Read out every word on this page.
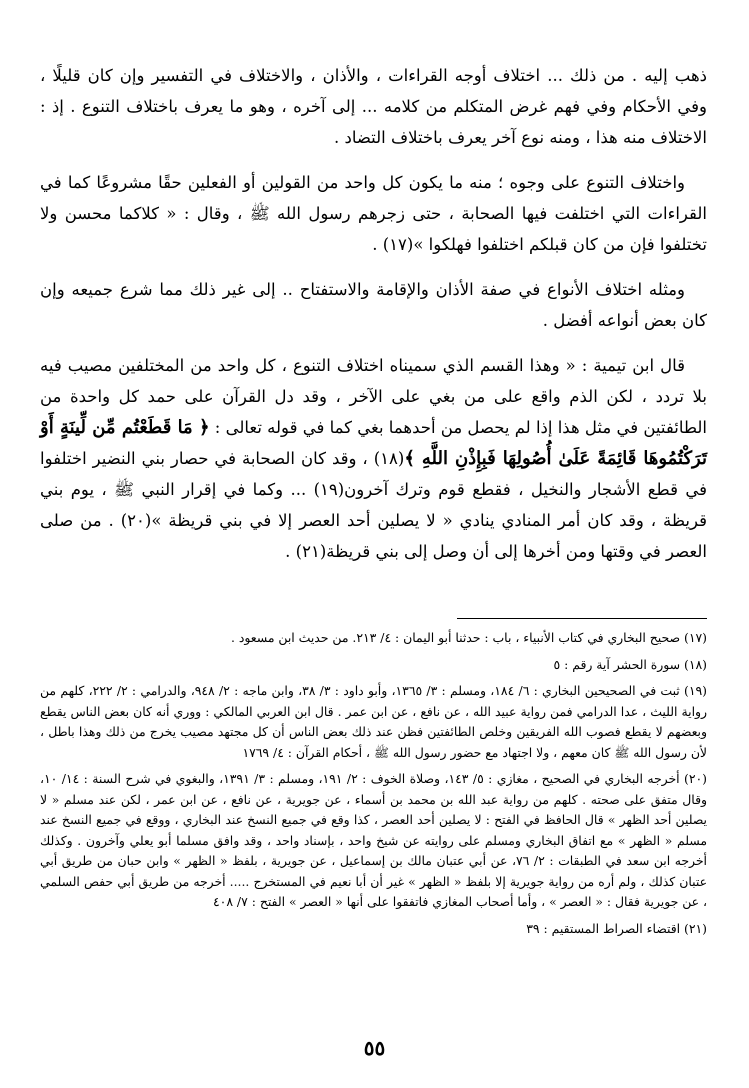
ذهب إليه . من ذلك ... اختلاف أوجه القراءات ، والأذان ، والاختلاف في التفسير وإن كان قليلًا ، وفي الأحكام وفي فهم غرض المتكلم من كلامه ... إلى آخره ، وهو ما يعرف باختلاف التنوع . إذ : الاختلاف منه هذا ، ومنه نوع آخر يعرف باختلاف التضاد .

واختلاف التنوع على وجوه ؛ منه ما يكون كل واحد من القولين أو الفعلين حقًا مشروعًا كما في القراءات التي اختلفت فيها الصحابة ، حتى زجرهم رسول الله ﷺ ، وقال : « كلاكما محسن ولا تختلفوا فإن من كان قبلكم اختلفوا فهلكوا »(١٧) .

ومثله اختلاف الأنواع في صفة الأذان والإقامة والاستفتاح .. إلى غير ذلك مما شرع جميعه وإن كان بعض أنواعه أفضل .

قال ابن تيمية : « وهذا القسم الذي سميناه اختلاف التنوع ، كل واحد من المختلفين مصيب فيه بلا تردد ، لكن الذم واقع على من بغي على الآخر ، وقد دل القرآن على حمد كل واحدة من الطائفتين في مثل هذا إذا لم يحصل من أحدهما بغي كما في قوله تعالى : ﴿ مَا قَطَعْتُم مِّن لِّينَةٍ أَوْ تَرَكْتُمُوهَا قَائِمَةً عَلَىٰ أُصُولِهَا فَبِإِذْنِ اللَّهِ ﴾(١٨) ، وقد كان الصحابة في حصار بني النضير اختلفوا في قطع الأشجار والنخيل ، فقطع قوم وترك آخرون(١٩) ... وكما في إقرار النبي ﷺ ، يوم بني قريظة ، وقد كان أمر المنادي ينادي « لا يصلين أحد العصر إلا في بني قريظة »(٢٠) . من صلى العصر في وقتها ومن أخرها إلى أن وصل إلى بني قريظة(٢١) .

(١٧) صحيح البخاري في كتاب الأنبياء ، باب : حدثنا أبو اليمان : ٤/ ٢١٣. من حديث ابن مسعود .

(١٨) سورة الحشر آية رقم : ٥

(١٩) ثبت في الصحيحين البخاري : ٦/ ١٨٤، ومسلم : ٣/ ١٣٦٥، وأبو داود : ٣/ ٣٨، وابن ماجه : ٢/ ٩٤٨، والدرامي : ٢/ ٢٢٢، كلهم من رواية الليث ، عدا الدرامي فمن رواية عبيد الله ، عن نافع ، عن ابن عمر . قال ابن العربي المالكي : ووري أنه كان بعض الناس يقطع وبعضهم لا يقطع فصوب الله الفريقين وخلص الطائفتين فظن عند ذلك بعض الناس أن كل مجتهد مصيب يخرج من ذلك وهذا باطل ، لأن رسول الله ﷺ كان معهم ، ولا اجتهاد مع حضور رسول الله ﷺ ، أحكام القرآن : ٤/ ١٧٦٩

(٢٠) أخرجه البخاري في الصحيح ، مغازي : ٥/ ١٤٣، وصلاة الخوف : ٢/ ١٩١، ومسلم : ٣/ ١٣٩١، والبغوي في شرح السنة : ١٤/ ١٠، وقال متفق على صحته . كلهم من رواية عبد الله بن محمد بن أسماء ، عن جويرية ، عن نافع ، عن ابن عمر ، لكن عند مسلم « لا يصلين أحد الظهر » قال الحافظ في الفتح : لا يصلين أحد العصر ، كذا وقع في جميع النسخ عند البخاري ، ووقع في جميع النسخ عند مسلم « الظهر » مع اتفاق البخاري ومسلم على روايته عن شيخ واحد ، بإسناد واحد ، وقد وافق مسلما أبو يعلي وآخرون . وكذلك أخرجه ابن سعد في الطبقات : ٢/ ٧٦، عن أبي عتبان مالك بن إسماعيل ، عن جويرية ، بلفظ « الظهر » وابن حبان من طريق أبي عتبان كذلك ، ولم أره من رواية جويرية إلا بلفظ « الظهر » غير أن أبا نعيم في المستخرج ..... أخرجه من طريق أبي حفص السلمي ، عن جويرية فقال : « العصر » ، وأما أصحاب المغازي فاتفقوا على أنها « العصر » الفتح : ٧/ ٤٠٨

(٢١) اقتضاء الصراط المستقيم : ٣٩

٥٥
